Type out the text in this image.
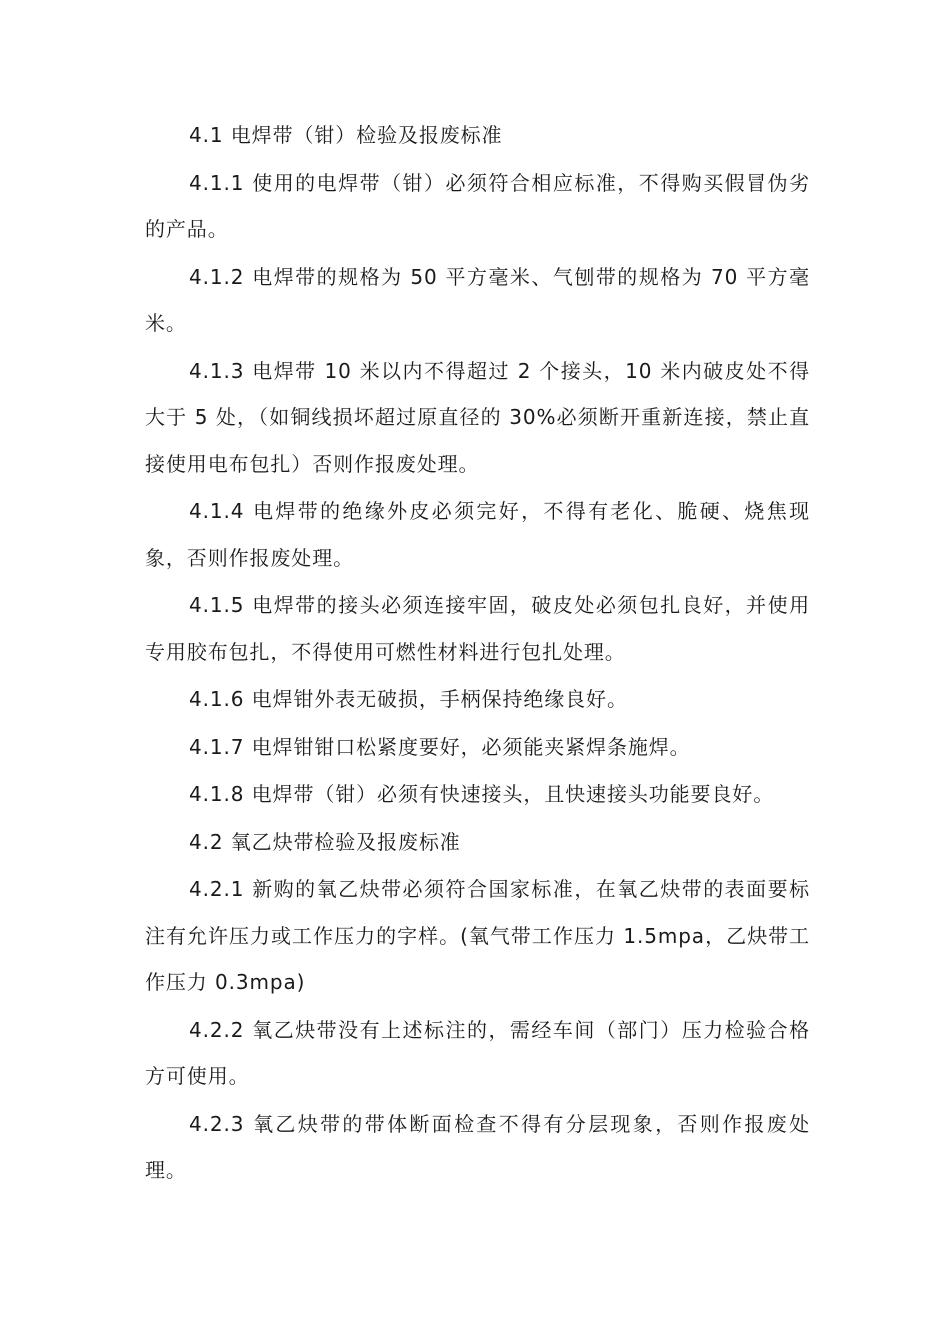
4.1 电焊带（钳）检验及报废标准

4.1.1 使用的电焊带（钳）必须符合相应标准，不得购买假冒伪劣的产品。

4.1.2 电焊带的规格为 50 平方毫米、气刨带的规格为 70 平方毫米。

4.1.3 电焊带 10 米以内不得超过 2 个接头，10 米内破皮处不得大于 5 处，（如铜线损坏超过原直径的 30%必须断开重新连接，禁止直接使用电布包扎）否则作报废处理。

4.1.4 电焊带的绝缘外皮必须完好，不得有老化、脆硬、烧焦现象，否则作报废处理。

4.1.5 电焊带的接头必须连接牢固，破皮处必须包扎良好，并使用专用胶布包扎，不得使用可燃性材料进行包扎处理。

4.1.6 电焊钳外表无破损，手柄保持绝缘良好。

4.1.7 电焊钳钳口松紧度要好，必须能夹紧焊条施焊。

4.1.8 电焊带（钳）必须有快速接头，且快速接头功能要良好。

4.2 氧乙炔带检验及报废标准

4.2.1 新购的氧乙炔带必须符合国家标准，在氧乙炔带的表面要标注有允许压力或工作压力的字样。(氧气带工作压力 1.5mpa，乙炔带工作压力 0.3mpa)

4.2.2 氧乙炔带没有上述标注的，需经车间（部门）压力检验合格方可使用。

4.2.3 氧乙炔带的带体断面检查不得有分层现象，否则作报废处理。
